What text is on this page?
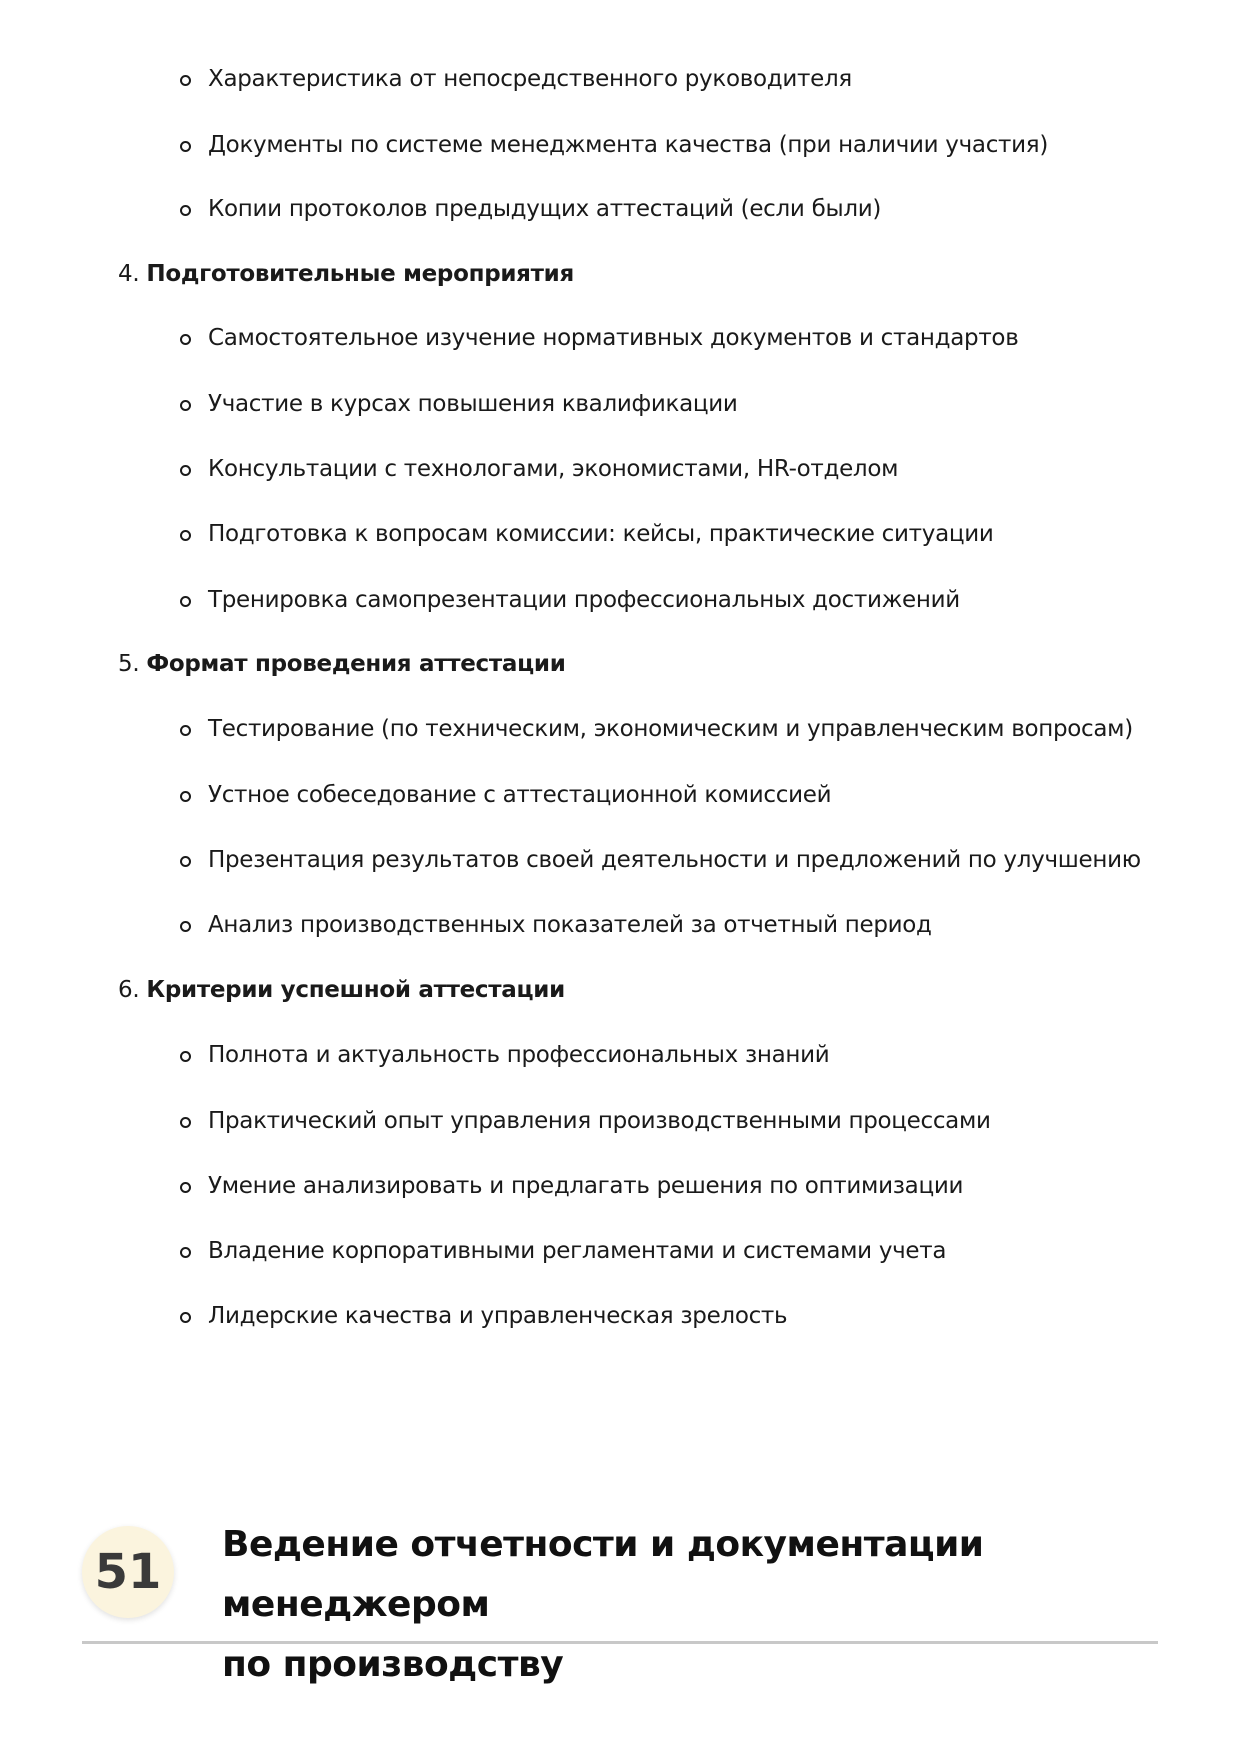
Характеристика от непосредственного руководителя
Документы по системе менеджмента качества (при наличии участия)
Копии протоколов предыдущих аттестаций (если были)
4. Подготовительные мероприятия
Самостоятельное изучение нормативных документов и стандартов
Участие в курсах повышения квалификации
Консультации с технологами, экономистами, HR-отделом
Подготовка к вопросам комиссии: кейсы, практические ситуации
Тренировка самопрезентации профессиональных достижений
5. Формат проведения аттестации
Тестирование (по техническим, экономическим и управленческим вопросам)
Устное собеседование с аттестационной комиссией
Презентация результатов своей деятельности и предложений по улучшению
Анализ производственных показателей за отчетный период
6. Критерии успешной аттестации
Полнота и актуальность профессиональных знаний
Практический опыт управления производственными процессами
Умение анализировать и предлагать решения по оптимизации
Владение корпоративными регламентами и системами учета
Лидерские качества и управленческая зрелость
51	Ведение отчетности и документации менеджером
по производству
